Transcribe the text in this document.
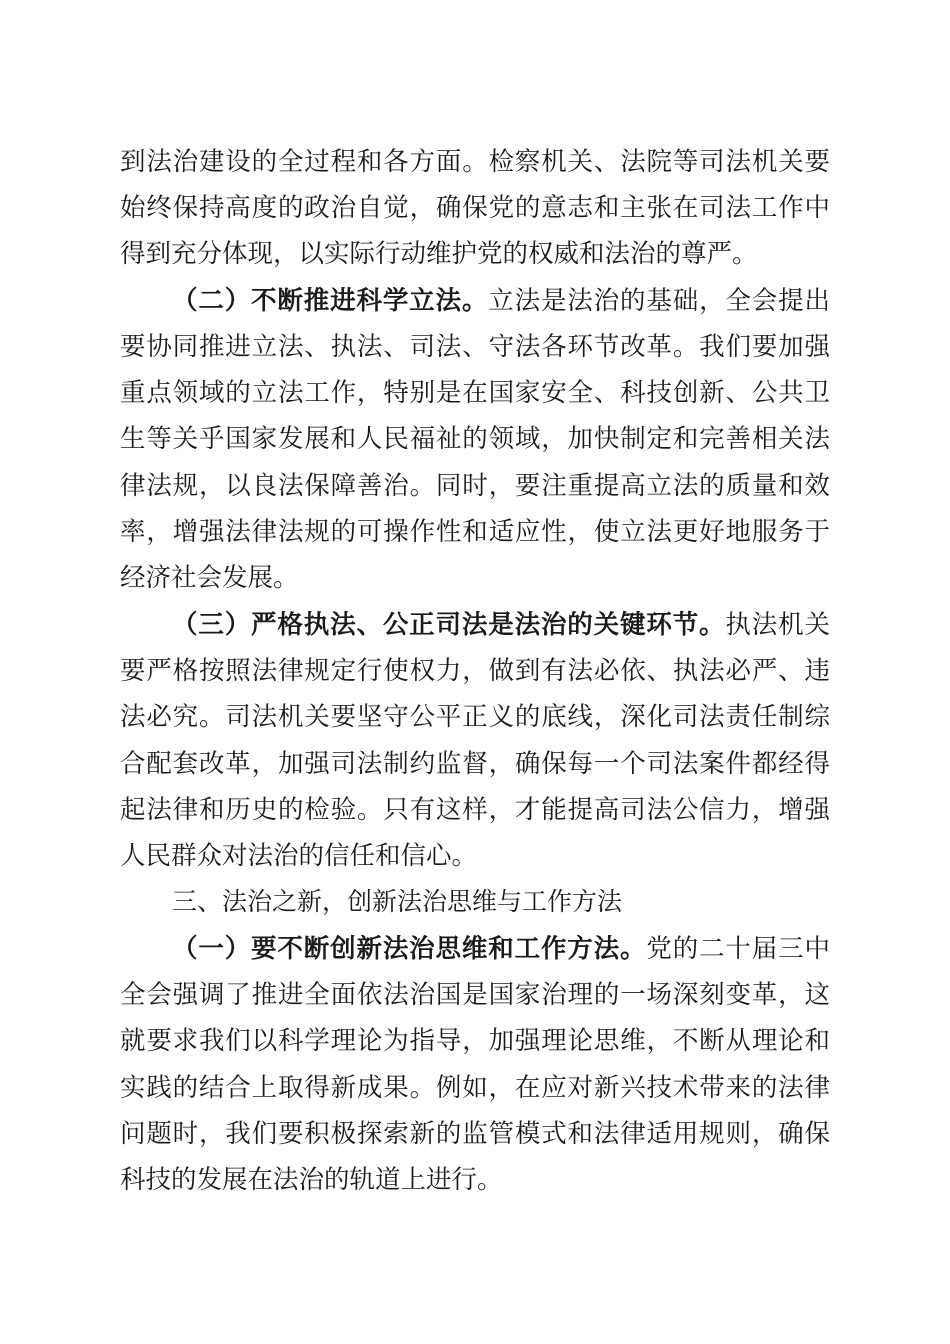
到法治建设的全过程和各方面。检察机关、法院等司法机关要
始终保持高度的政治自觉，确保党的意志和主张在司法工作中
得到充分体现，以实际行动维护党的权威和法治的尊严。
（二）不断推进科学立法。立法是法治的基础，全会提出
要协同推进立法、执法、司法、守法各环节改革。我们要加强
重点领域的立法工作，特别是在国家安全、科技创新、公共卫
生等关乎国家发展和人民福祉的领域，加快制定和完善相关法
律法规，以良法保障善治。同时，要注重提高立法的质量和效
率，增强法律法规的可操作性和适应性，使立法更好地服务于
经济社会发展。
（三）严格执法、公正司法是法治的关键环节。执法机关
要严格按照法律规定行使权力，做到有法必依、执法必严、违
法必究。司法机关要坚守公平正义的底线，深化司法责任制综
合配套改革，加强司法制约监督，确保每一个司法案件都经得
起法律和历史的检验。只有这样，才能提高司法公信力，增强
人民群众对法治的信任和信心。
三、法治之新，创新法治思维与工作方法
（一）要不断创新法治思维和工作方法。党的二十届三中
全会强调了推进全面依法治国是国家治理的一场深刻变革，这
就要求我们以科学理论为指导，加强理论思维，不断从理论和
实践的结合上取得新成果。例如，在应对新兴技术带来的法律
问题时，我们要积极探索新的监管模式和法律适用规则，确保
科技的发展在法治的轨道上进行。
